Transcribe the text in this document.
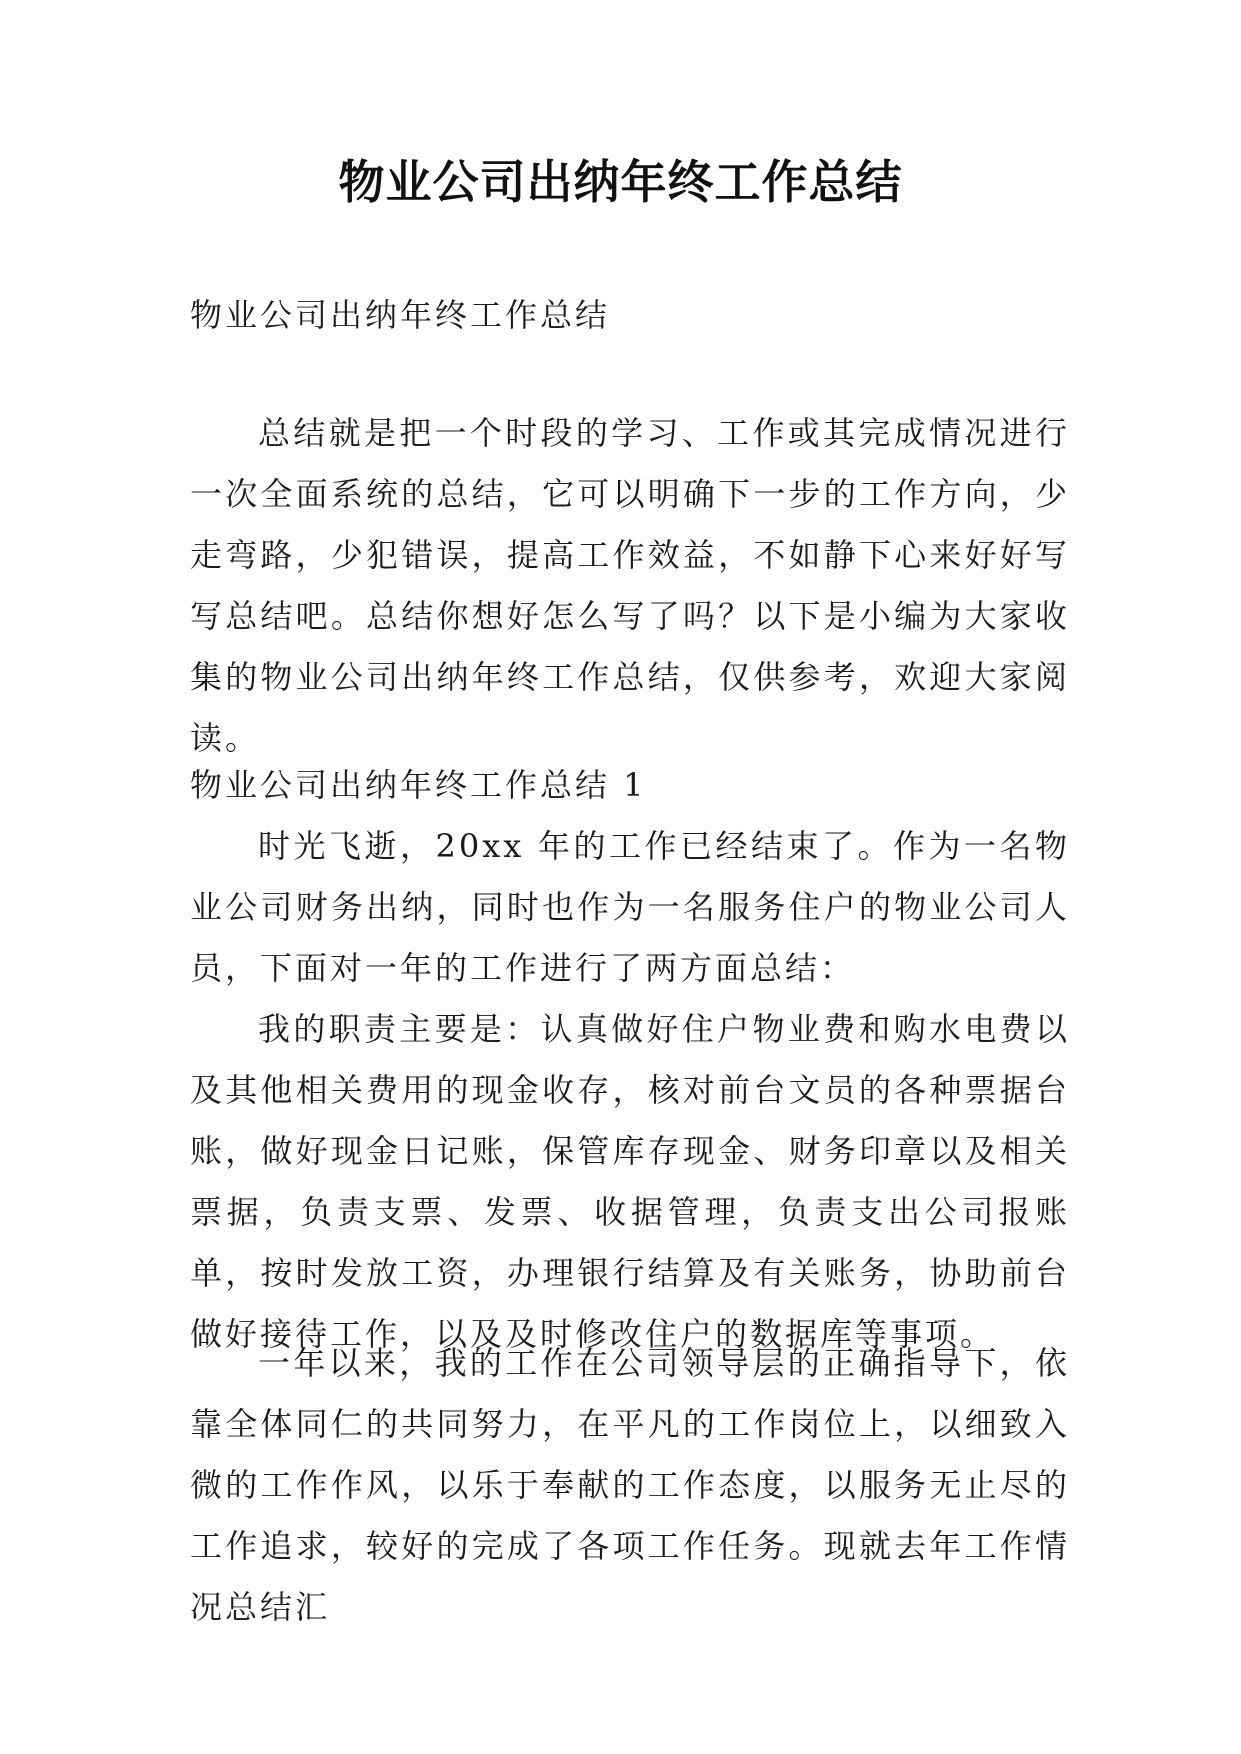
物业公司出纳年终工作总结

物业公司出纳年终工作总结

总结就是把一个时段的学习、工作或其完成情况进行一次全面系统的总结，它可以明确下一步的工作方向，少走弯路，少犯错误，提高工作效益，不如静下心来好好写写总结吧。总结你想好怎么写了吗？以下是小编为大家收集的物业公司出纳年终工作总结，仅供参考，欢迎大家阅读。

物业公司出纳年终工作总结 1

时光飞逝，20xx 年的工作已经结束了。作为一名物业公司财务出纳，同时也作为一名服务住户的物业公司人员，下面对一年的工作进行了两方面总结：

我的职责主要是：认真做好住户物业费和购水电费以及其他相关费用的现金收存，核对前台文员的各种票据台账，做好现金日记账，保管库存现金、财务印章以及相关票据，负责支票、发票、收据管理，负责支出公司报账单，按时发放工资，办理银行结算及有关账务，协助前台做好接待工作，以及及时修改住户的数据库等事项。

一年以来，我的工作在公司领导层的正确指导下，依靠全体同仁的共同努力，在平凡的工作岗位上，以细致入微的工作作风，以乐于奉献的工作态度，以服务无止尽的工作追求，较好的完成了各项工作任务。现就去年工作情况总结汇
